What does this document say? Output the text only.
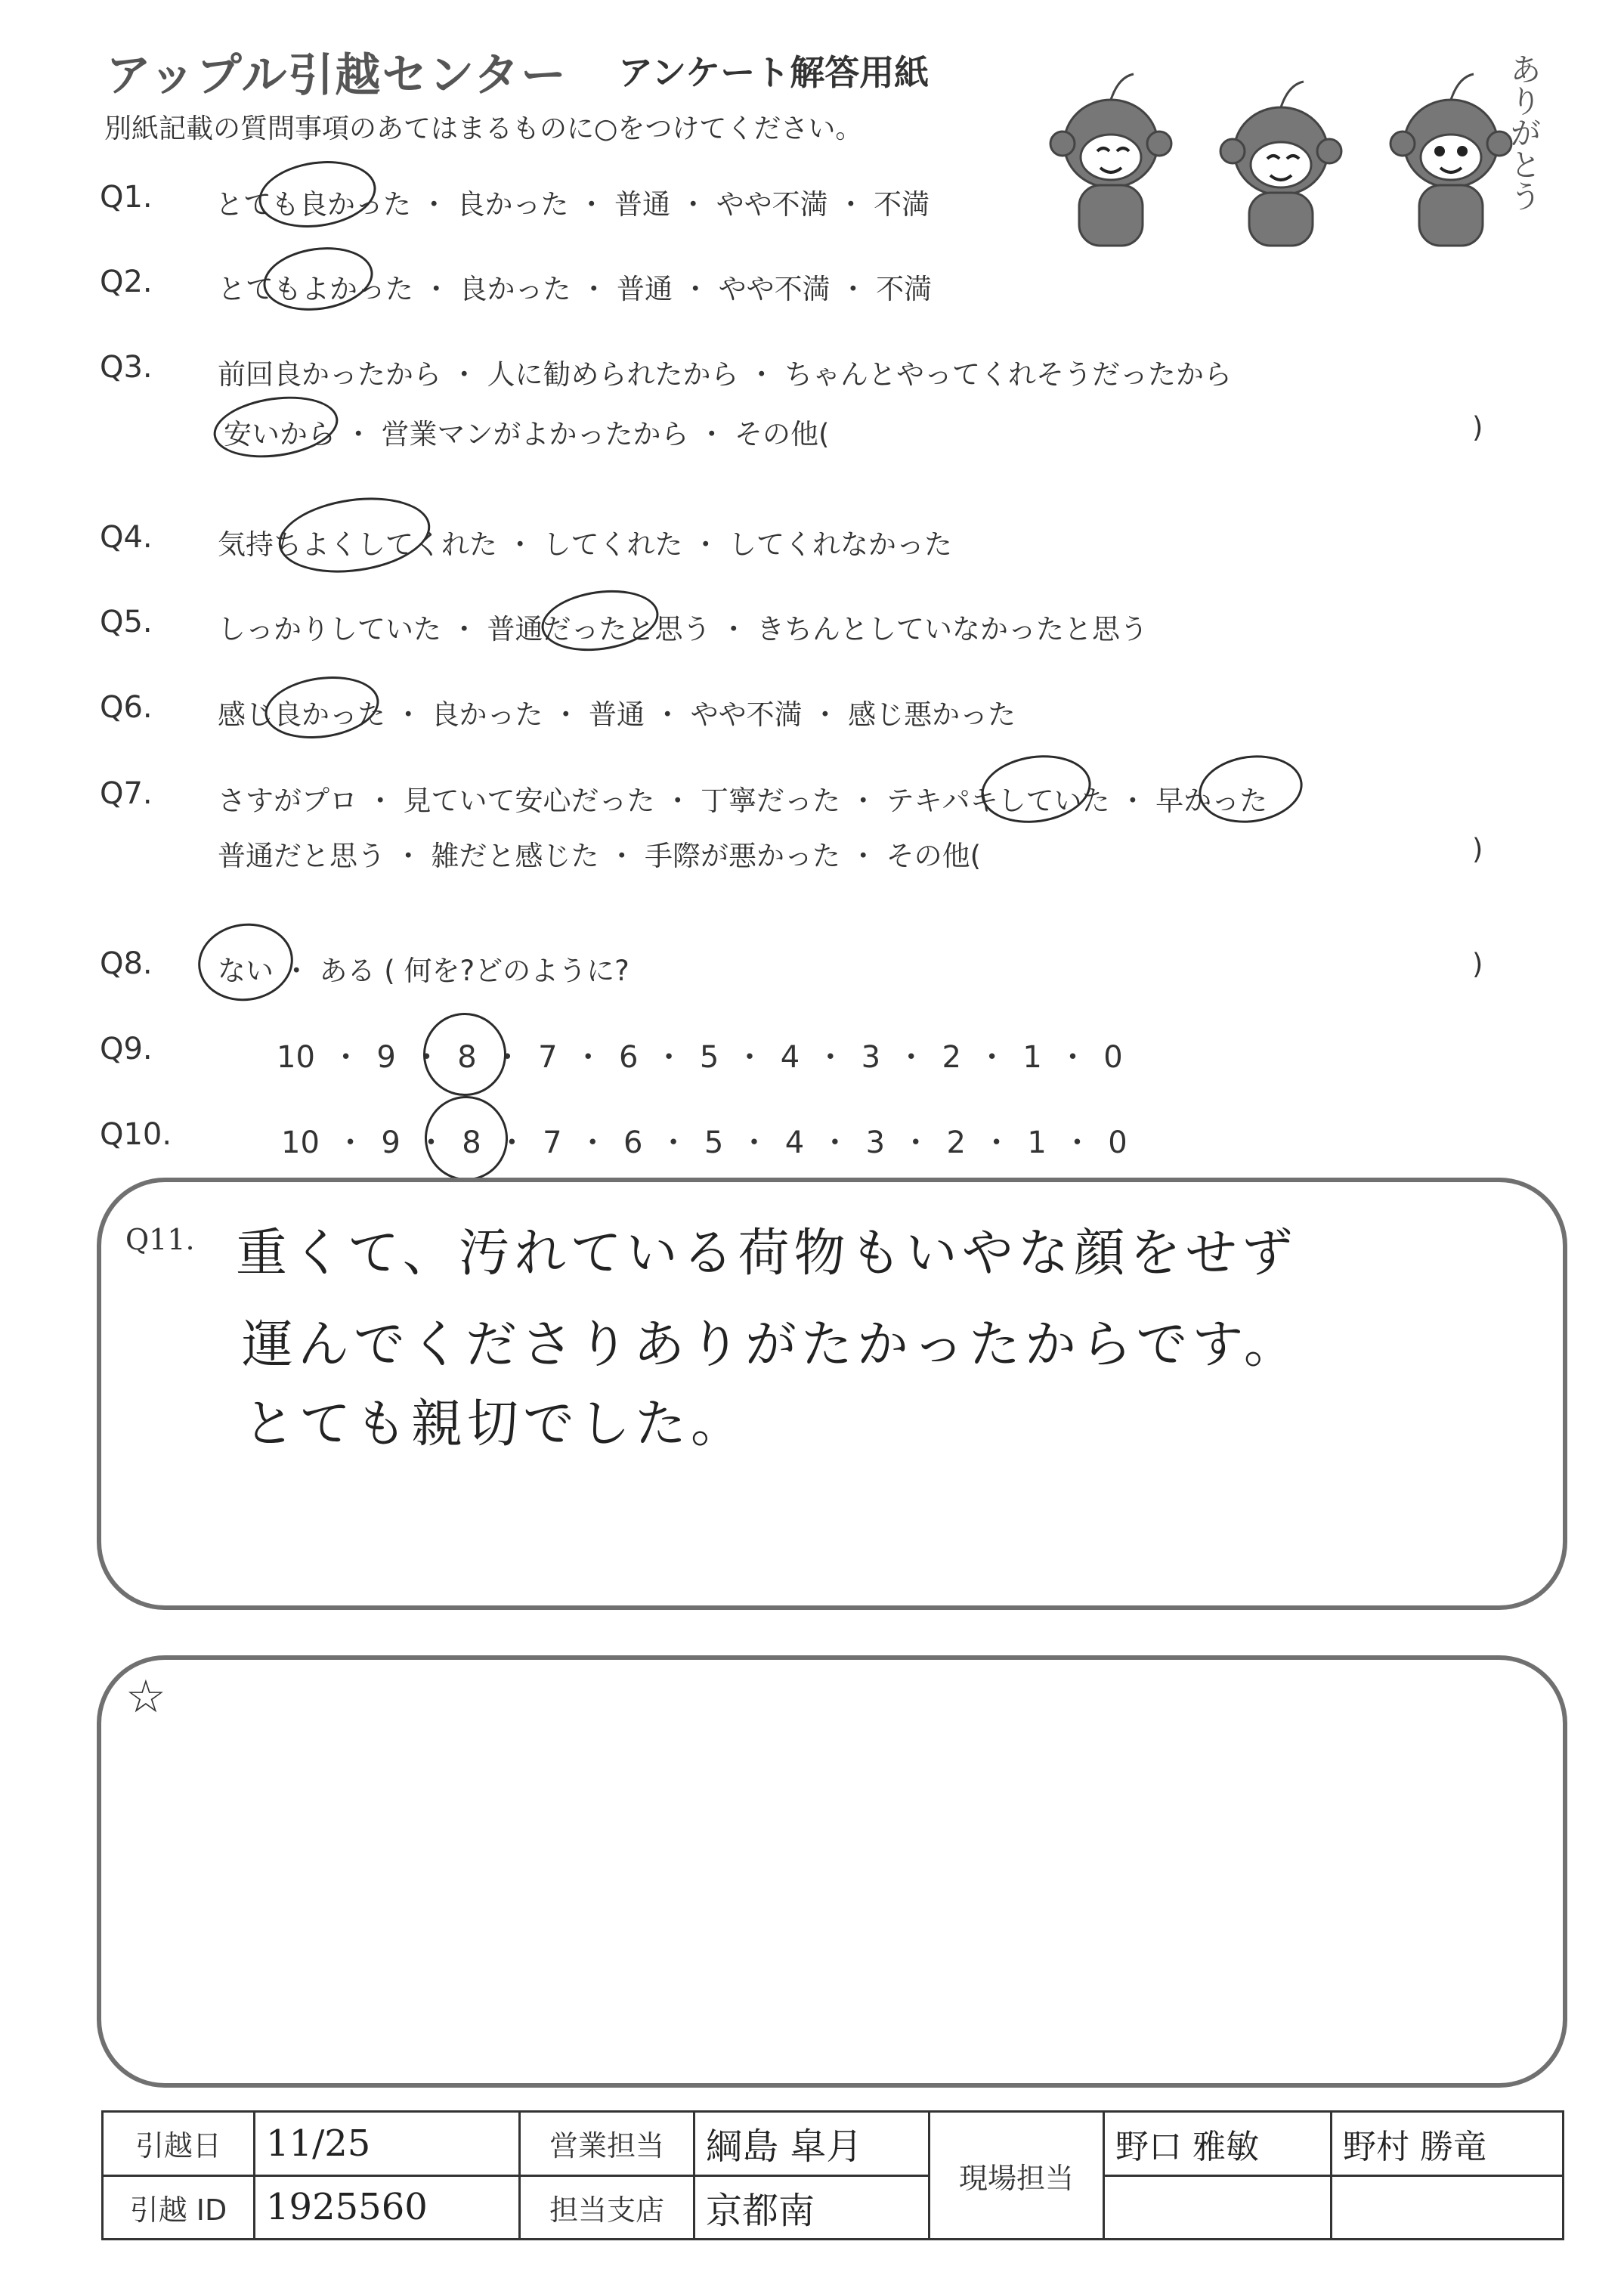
アップル引越センター アンケート解答用紙
別紙記載の質問事項のあてはまるものに○をつけてください。	ありがとう
Q1. とても良かった ・ 良かった ・ 普通 ・ やや不満 ・ 不満
Q2. とてもよかった ・ 良かった ・ 普通 ・ やや不満 ・ 不満
Q3. 前回良かったから ・ 人に勧められたから ・ ちゃんとやってくれそうだったから
安いから ・ 営業マンがよかったから ・ その他(	)
Q4. 気持ちよくしてくれた ・ してくれた ・ してくれなかった
Q5. しっかりしていた ・ 普通だったと思う ・ きちんとしていなかったと思う
Q6. 感じ良かった ・ 良かった ・ 普通 ・ やや不満 ・ 感じ悪かった
Q7. さすがプロ ・ 見ていて安心だった ・ 丁寧だった ・ テキパキしていた ・ 早かった
普通だと思う ・ 雑だと感じた ・ 手際が悪かった ・ その他(	)
Q8. ない ・ ある ( 何を?どのように?	)
Q9.	10 ・ 9 ・ 8 ・ 7 ・ 6 ・ 5 ・ 4 ・ 3 ・ 2 ・ 1 ・ 0
Q10.	10 ・ 9 ・ 8 ・ 7 ・ 6 ・ 5 ・ 4 ・ 3 ・ 2 ・ 1 ・ 0
Q11. 重くて、汚れている荷物もいやな顔をせず
運んでくださりありがたかったからです。
とても親切でした。
☆
引越日	11/25	営業担当	綱島 皐月	現場担当	野口 雅敏	野村 勝竜
引越 ID	1925560	担当支店	京都南			
